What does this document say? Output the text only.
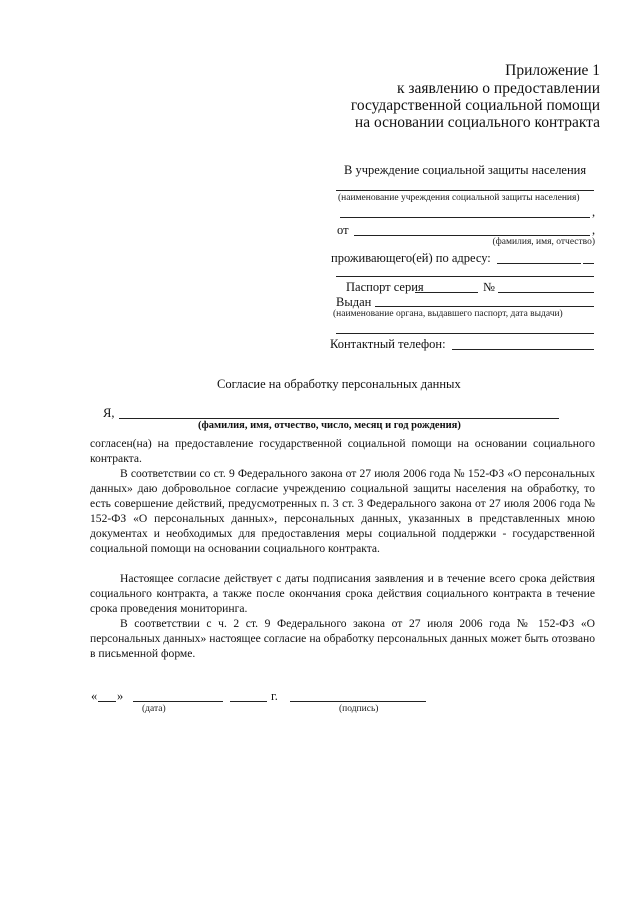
Приложение 1
к заявлению о предоставлении
государственной социальной помощи
на основании социального контракта
В учреждение социальной защиты населения
(наименование учреждения социальной защиты населения)
,
от	,
(фамилия, имя, отчество)
проживающего(ей) по адресу:
Паспорт серия	№
Выдан
(наименование органа, выдавшего паспорт, дата выдачи)
Контактный телефон:
Согласие на обработку персональных данных
Я,
(фамилия, имя, отчество, число, месяц и год рождения)
согласен(на) на предоставление государственной социальной помощи на основании социального контракта.
В соответствии со ст. 9 Федерального закона от 27 июля 2006 года № 152-ФЗ «О персональных данных» даю добровольное согласие учреждению социальной защиты населения на обработку, то есть совершение действий, предусмотренных п. 3 ст. 3 Федерального закона от 27 июля 2006 года № 152-ФЗ «О персональных данных», персональных данных, указанных в представленных мною документах и необходимых для предоставления меры социальной поддержки - государственной социальной помощи на основании социального контракта.
Настоящее согласие действует с даты подписания заявления и в течение всего срока действия социального контракта, а также после окончания срока действия социального контракта в течение срока проведения мониторинга.
В соответствии с ч. 2 ст. 9 Федерального закона от 27 июля 2006 года № 152-ФЗ «О персональных данных» настоящее согласие на обработку персональных данных может быть отозвано в письменной форме.
« »	г.
(дата)	(подпись)
